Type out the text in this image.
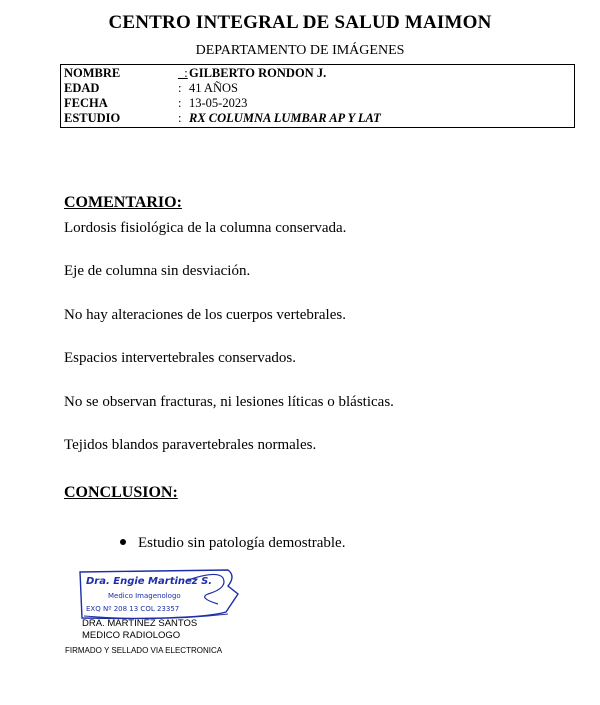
CENTRO INTEGRAL DE SALUD MAIMON
DEPARTAMENTO DE IMÁGENES
NOMBRE	_: GILBERTO RONDON J.
EDAD	: 41 AÑOS
FECHA	: 13-05-2023
ESTUDIO	: RX COLUMNA LUMBAR AP Y LAT
COMENTARIO:
Lordosis fisiológica de la columna conservada.
Eje de columna sin desviación.
No hay alteraciones de los cuerpos vertebrales.
Espacios intervertebrales conservados.
No se observan fracturas, ni lesiones líticas o blásticas.
Tejidos blandos paravertebrales normales.
CONCLUSION:
Estudio sin patología demostrable.
Dra. Engie Martinez S.
Medico Imagenologo
EXQ Nº 208 13 COL 23357
DRA. MARTINEZ SANTOS
MEDICO RADIOLOGO
FIRMADO Y SELLADO VIA ELECTRONICA
